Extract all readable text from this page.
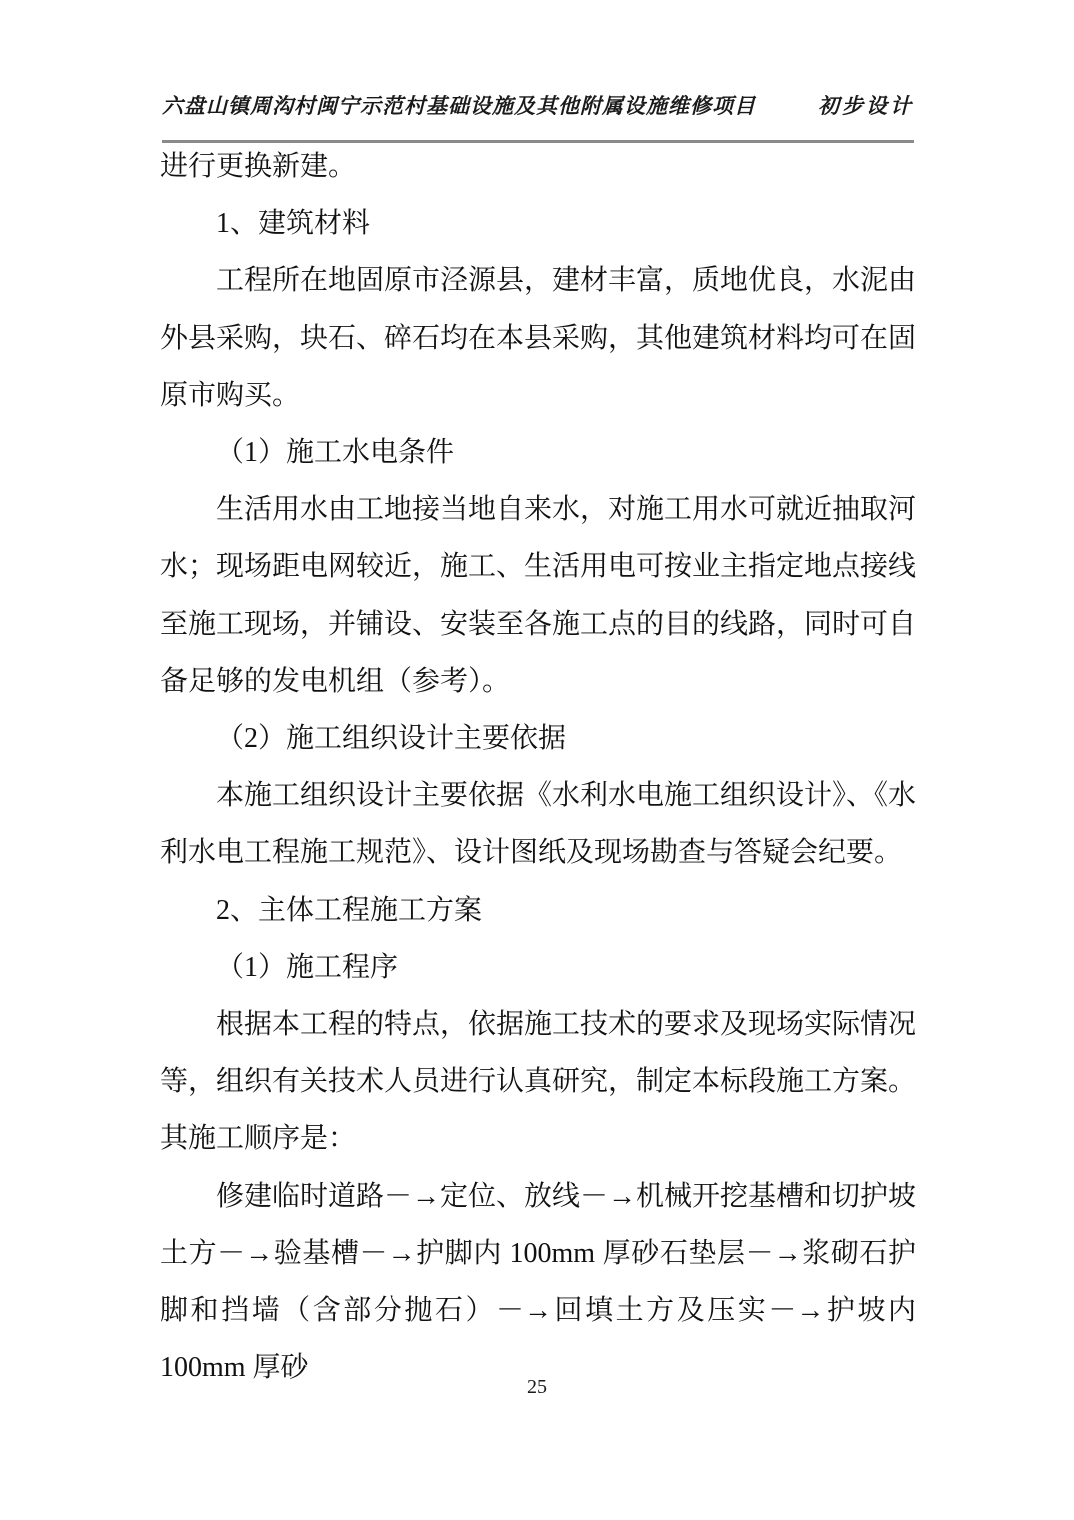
六盘山镇周沟村闽宁示范村基础设施及其他附属设施维修项目	初步设计

进行更换新建。

1、建筑材料

工程所在地固原市泾源县，建材丰富，质地优良，水泥由外县采购，块石、碎石均在本县采购，其他建筑材料均可在固原市购买。

（1）施工水电条件

生活用水由工地接当地自来水，对施工用水可就近抽取河水；现场距电网较近，施工、生活用电可按业主指定地点接线至施工现场，并铺设、安装至各施工点的目的线路，同时可自备足够的发电机组（参考）。

（2）施工组织设计主要依据

本施工组织设计主要依据《水利水电施工组织设计》、《水利水电工程施工规范》、设计图纸及现场勘查与答疑会纪要。

2、主体工程施工方案

（1）施工程序

根据本工程的特点，依据施工技术的要求及现场实际情况等，组织有关技术人员进行认真研究，制定本标段施工方案。其施工顺序是：

修建临时道路－→定位、放线－→机械开挖基槽和切护坡土方－→验基槽－→护脚内 100mm 厚砂石垫层－→浆砌石护脚和挡墙（含部分抛石）－→回填土方及压实－→护坡内 100mm 厚砂

25
